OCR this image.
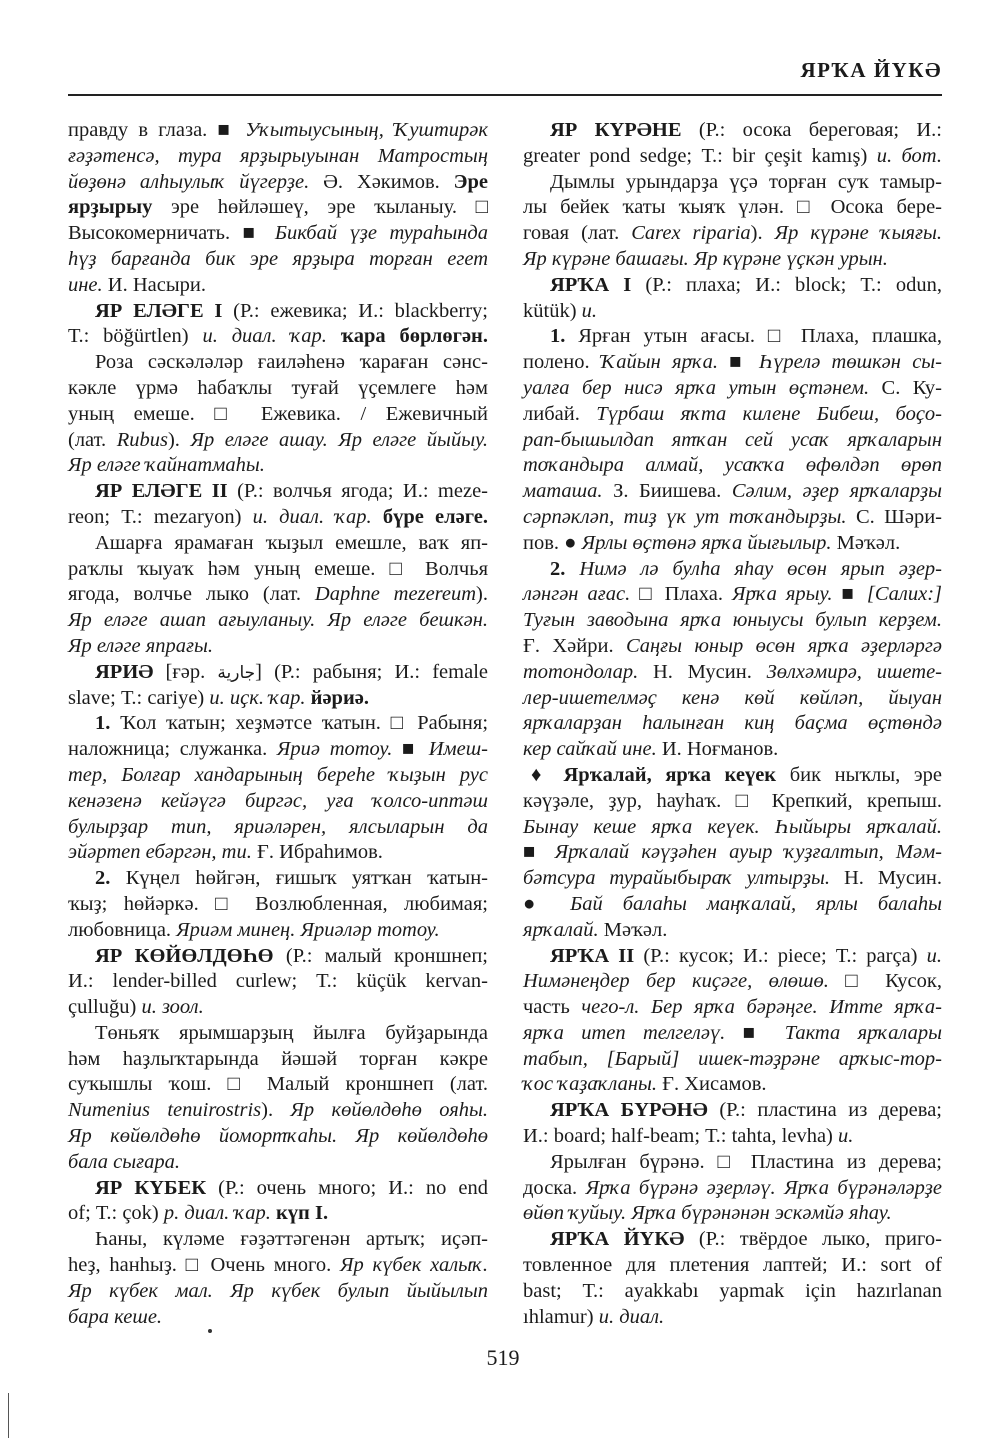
ЯРҠА ЙҮКӘ
правду в глаза. ■ Уҡытыусының, Ҡуштирәк
ғәҙәтенсә, тура ярҙырыуынан Матростың
йөҙөнә алһыулыҡ йүгерҙе. Ә. Хәкимов. Эре
ярҙырыу эре һөйләшеү, эре ҡыланыу. □
Высокомерничать. ■ Бикбай үҙе тураһында
һүҙ барғанда бик эре ярҙыра торған егет
ине. И. Насыри.
ЯР ЕЛӘГЕ I (Р.: ежевика; И.: blackberry;
Т.: böğürtlen) и. диал. ҡар. ҡара бөрлөгән.
Роза сәскәләләр ғаиләһенә ҡараған сәнс-
кәкле үрмә һабаҡлы туғай үҫемлеге һәм
уның емеше. □ Ежевика. / Ежевичный
(лат. Rubus). Яр еләге ашау. Яр еләге йыйыу.
Яр еләге ҡайнатмаһы.
ЯР ЕЛӘГЕ II (Р.: волчья ягода; И.: meze-
reon; Т.: mezaryon) и. диал. ҡар. бүре еләге.
Ашарға ярамаған ҡыҙыл емешле, ваҡ яп-
раҡлы ҡыуаҡ һәм уның емеше. □ Волчья
ягода, волчье лыко (лат. Daphne mezereum).
Яр еләге ашап ағыуланыу. Яр еләге бешкән.
Яр еләге япрағы.
ЯРИӘ [ғәр. جارية] (Р.: рабыня; И.: female
slave; Т.: cariye) и. иҫк. ҡар. йәриә.
1. Ҡол ҡатын; хеҙмәтсе ҡатын. □ Рабыня;
наложница; служанка. Яриә тотоу. ■ Имеш-
тер, Болғар хандарының береһе ҡыҙын рус
кенәзенә кейәүгә биргәс, уға ҡолсо-иптәш
булырҙар тип, яриәләрен, ялсыларын да
эйәртеп ебәргән, ти. Ғ. Ибраһимов.
2. Күңел һөйгән, ғишыҡ уятҡан ҡатын-
ҡыҙ; һөйәркә. □ Возлюбленная, любимая;
любовница. Яриәм минең. Яриәләр тотоу.
ЯР КӨЙӨЛДӨҺӨ (Р.: малый кроншнеп;
И.: lender-billed curlew; Т.: küçük kervan-
çulluğu) и. зоол.
Төньяҡ ярымшарҙың йылға буйҙарында
һәм һаҙлыҡтарында йәшәй торған кәкре
суҡышлы ҡош. □ Малый кроншнеп (лат.
Numenius tenuirostris). Яр көйөлдөһө ояһы.
Яр көйөлдөһө йомортҡаһы. Яр көйөлдөһө
бала сығара.
ЯР КҮБЕК (Р.: очень много; И.: no end
of; Т.: çok) р. диал. ҡар. күп I.
Һаны, күләме ғәҙәттәгенән артыҡ; иҫәп-
һеҙ, һанһыҙ. □ Очень много. Яр күбек халыҡ.
Яр күбек мал. Яр күбек булып йыйылып
бара кеше.
ЯР КҮРӘНЕ (Р.: осока береговая; И.:
greater pond sedge; Т.: bir çeşit kamış) и. бот.
Дымлы урындарҙа үҫә торған суҡ тамыр-
лы бейек ҡаты ҡыяҡ үлән. □ Осока бере-
говая (лат. Carex riparia). Яр күрәне ҡыяғы.
Яр күрәне башағы. Яр күрәне үҫкән урын.
ЯРҠА I (Р.: плаха; И.: block; Т.: odun,
kütük) и.
1. Ярған утын ағасы. □ Плаха, плашка,
полено. Ҡайын ярҡа. ■ Һүрелә төшкән сы-
уалға бер нисә ярҡа утын өҫтәнем. С. Ку-
либай. Түрбаш яҡта килене Бибеш, боҫо-
рап-бышылдап ятҡан сей усаҡ ярҡаларын
тоҡандыра алмай, усаҡҡа өфөлдәп өрөп
маташа. З. Биишева. Сәлим, әҙер ярҡаларҙы
сәрпәкләп, тиҙ үк ут тоҡандырҙы. С. Шәри-
пов. ● Ярлы өҫтөнә ярҡа йығылыр. Мәҡәл.
2. Нимә лә булһа яһау өсөн ярып әҙер-
ләнгән ағас. □ Плаха. Ярҡа ярыу. ■ [Салих:]
Туғын заводына ярҡа юныусы булып керҙем.
Ғ. Хәйри. Саңғы юныр өсөн ярҡа әҙерләргә
тотондолар. Н. Мусин. Зөлхәмирә, ишете-
лер-ишетелмәҫ кенә көй көйләп, йыуан
ярҡаларҙан һалынған киң баҫма өҫтөндә
кер сайҡай ине. И. Ноғманов.
♦ Ярҡалай, ярҡа кеүек бик ныҡлы, эре
кәүҙәле, ҙур, һауһаҡ. □ Крепкий, крепыш.
Бынау кеше ярҡа кеүек. Һыйыры ярҡалай.
■ Ярҡалай кәүҙәһен ауыр ҡуҙғалтып, Мәм-
бәтсура турайыбыраҡ ултырҙы. Н. Мусин.
● Бай балаһы маңҡалай, ярлы балаһы
ярҡалай. Мәҡәл.
ЯРҠА II (Р.: кусок; И.: piece; Т.: parça) и.
Нимәнеңдер бер киҫәге, өлөшө. □ Кусок,
часть чего-л. Бер ярҡа бәрәңге. Итте ярҡа-
ярҡа итеп телгеләү. ■ Такта ярҡалары
табып, [Барый] ишек-тәҙрәне арҡыс-тор-
ҡос ҡаҙаҡланы. Ғ. Хисамов.
ЯРҠА БҮРӘНӘ (Р.: пластина из дерева;
И.: board; half-beam; Т.: tahta, levha) и.
Ярылған бүрәнә. □ Пластина из дерева;
доска. Ярҡа бүрәнә әҙерләү. Ярҡа бүрәнәләрҙе
өйөп ҡуйыу. Ярҡа бүрәнәнән эскәмйә яһау.
ЯРҠА ЙҮКӘ (Р.: твёрдое лыко, приго-
товленное для плетения лаптей; И.: sort of
bast; Т.: ayakkabı yapmak için hazırlanan
ıhlamur) и. диал.
519
